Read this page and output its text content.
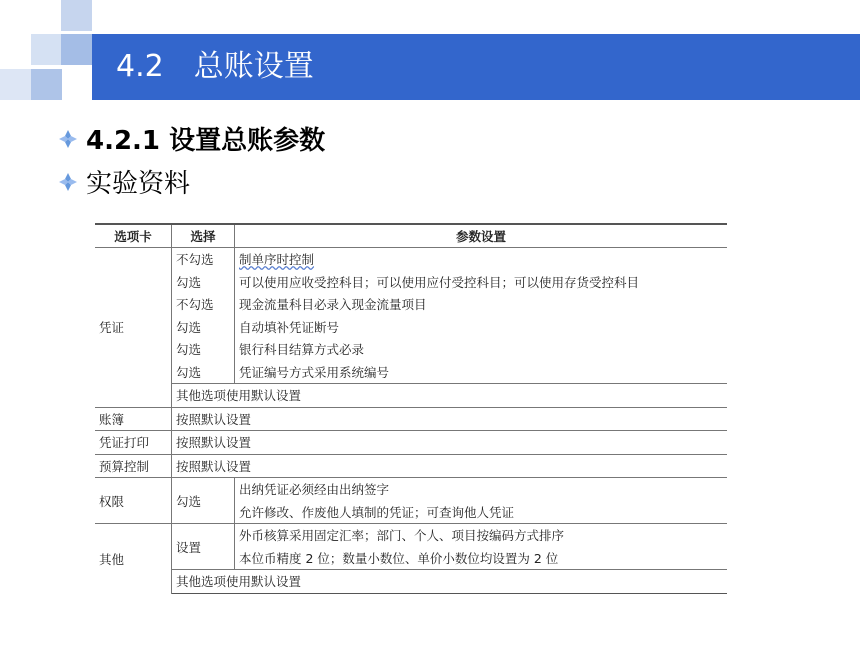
4.2　总账设置
4.2.1 设置总账参数
实验资料
选项卡	选择	参数设置
凭证	不勾选	制单序时控制
	勾选	可以使用应收受控科目；可以使用应付受控科目；可以使用存货受控科目
	不勾选	现金流量科目必录入现金流量项目
	勾选	自动填补凭证断号
	勾选	银行科目结算方式必录
	勾选	凭证编号方式采用系统编号
	其他选项使用默认设置	
账簿	按照默认设置	
凭证打印	按照默认设置	
预算控制	按照默认设置	
权限	勾选	出纳凭证必须经由出纳签字
		允许修改、作废他人填制的凭证；可查询他人凭证
其他	设置	外币核算采用固定汇率；部门、个人、项目按编码方式排序
		本位币精度 2 位；数量小数位、单价小数位均设置为 2 位
	其他选项使用默认设置	
